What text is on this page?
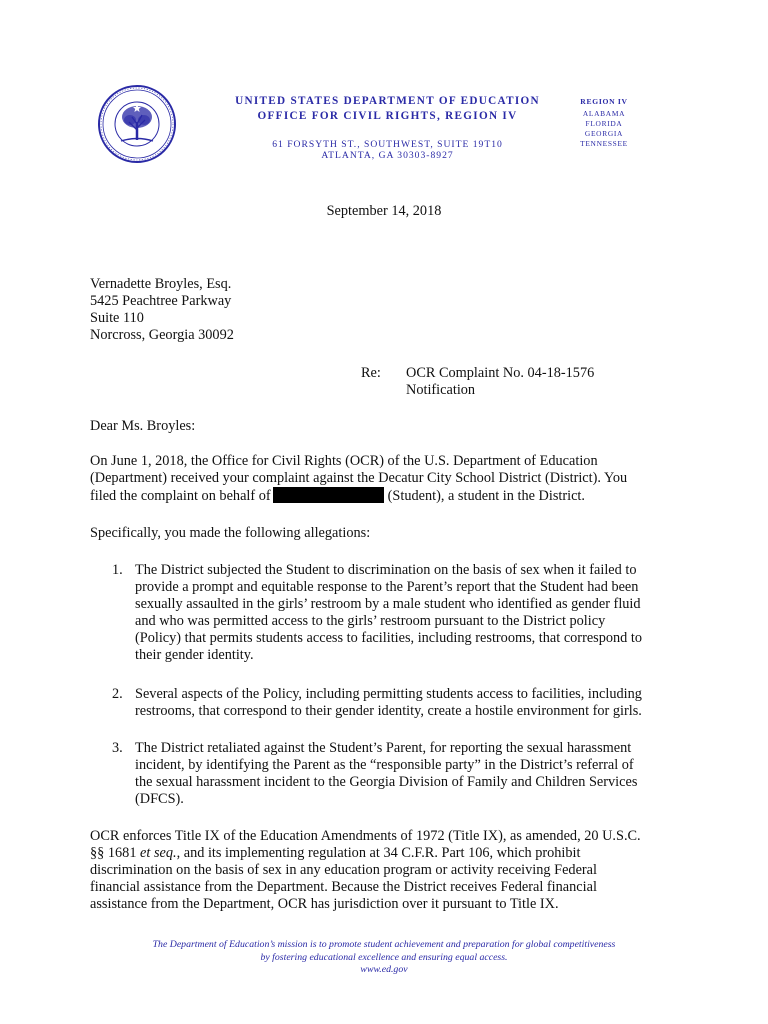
UNITED STATES DEPARTMENT OF EDUCATION
OFFICE FOR CIVIL RIGHTS, REGION IV
61 FORSYTH ST., SOUTHWEST, SUITE 19T10
ATLANTA, GA 30303-8927
REGION IV
ALABAMA
FLORIDA
GEORGIA
TENNESSEE
September 14, 2018
Vernadette Broyles, Esq.
5425 Peachtree Parkway
Suite 110
Norcross, Georgia 30092
Re: OCR Complaint No. 04-18-1576
Notification
Dear Ms. Broyles:
On June 1, 2018, the Office for Civil Rights (OCR) of the U.S. Department of Education
(Department) received your complaint against the Decatur City School District (District). You
filed the complaint on behalf of	(Student), a student in the District.
Specifically, you made the following allegations:
1. The District subjected the Student to discrimination on the basis of sex when it failed to
provide a prompt and equitable response to the Parent’s report that the Student had been
sexually assaulted in the girls’ restroom by a male student who identified as gender fluid
and who was permitted access to the girls’ restroom pursuant to the District policy
(Policy) that permits students access to facilities, including restrooms, that correspond to
their gender identity.
2. Several aspects of the Policy, including permitting students access to facilities, including
restrooms, that correspond to their gender identity, create a hostile environment for girls.
3. The District retaliated against the Student’s Parent, for reporting the sexual harassment
incident, by identifying the Parent as the “responsible party” in the District’s referral of
the sexual harassment incident to the Georgia Division of Family and Children Services
(DFCS).
OCR enforces Title IX of the Education Amendments of 1972 (Title IX), as amended, 20 U.S.C.
§§ 1681 et seq., and its implementing regulation at 34 C.F.R. Part 106, which prohibit
discrimination on the basis of sex in any education program or activity receiving Federal
financial assistance from the Department. Because the District receives Federal financial
assistance from the Department, OCR has jurisdiction over it pursuant to Title IX.
The Department of Education’s mission is to promote student achievement and preparation for global competitiveness
by fostering educational excellence and ensuring equal access.
www.ed.gov
